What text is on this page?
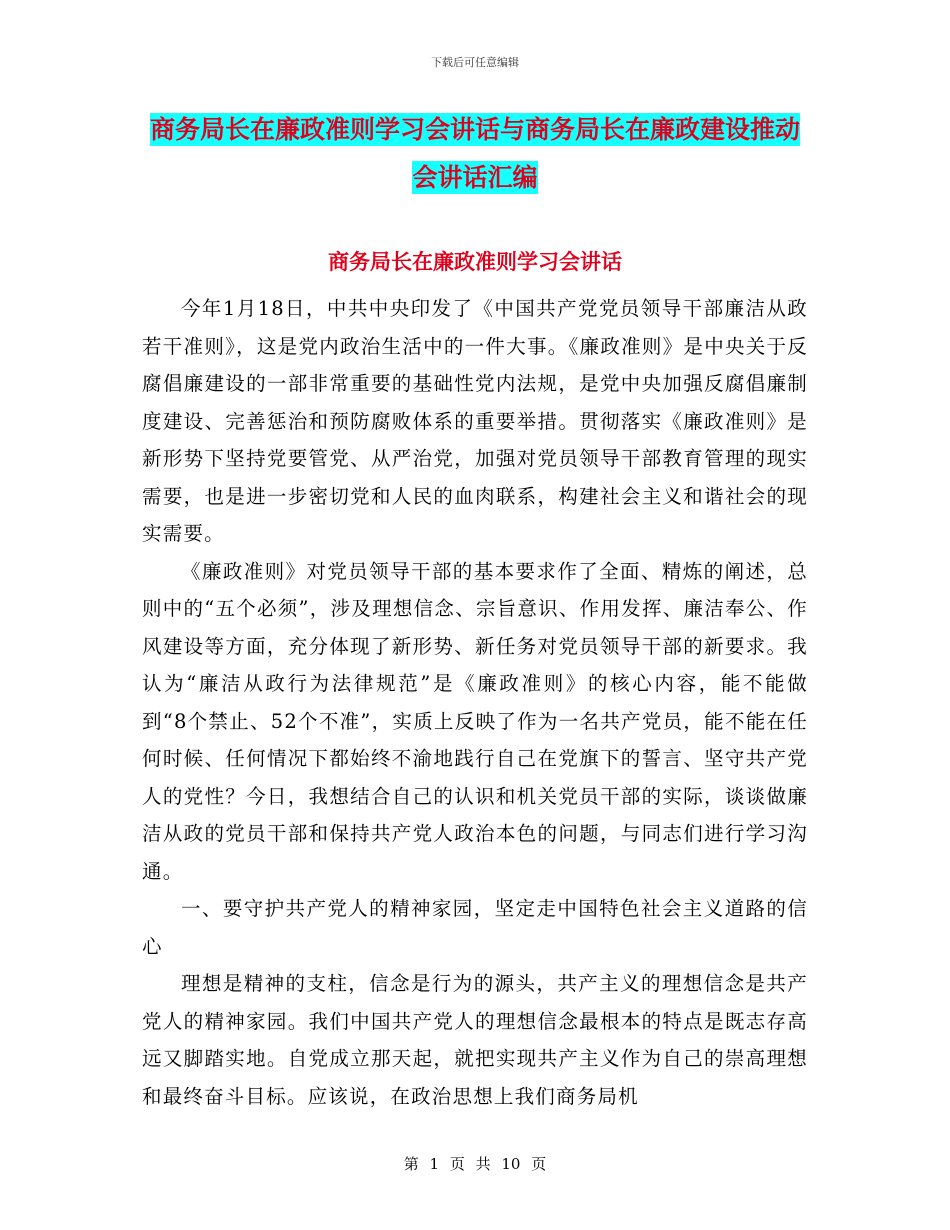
下载后可任意编辑
商务局长在廉政准则学习会讲话与商务局长在廉政建设推动会讲话汇编
商务局长在廉政准则学习会讲话

今年1月18日，中共中央印发了《中国共产党党员领导干部廉洁从政若干准则》，这是党内政治生活中的一件大事。《廉政准则》是中央关于反腐倡廉建设的一部非常重要的基础性党内法规，是党中央加强反腐倡廉制度建设、完善惩治和预防腐败体系的重要举措。贯彻落实《廉政准则》是新形势下坚持党要管党、从严治党，加强对党员领导干部教育管理的现实需要，也是进一步密切党和人民的血肉联系，构建社会主义和谐社会的现实需要。

《廉政准则》对党员领导干部的基本要求作了全面、精炼的阐述，总则中的“五个必须”，涉及理想信念、宗旨意识、作用发挥、廉洁奉公、作风建设等方面，充分体现了新形势、新任务对党员领导干部的新要求。我认为“廉洁从政行为法律规范”是《廉政准则》的核心内容，能不能做到“8个禁止、52个不准”，实质上反映了作为一名共产党员，能不能在任何时候、任何情况下都始终不渝地践行自己在党旗下的誓言、坚守共产党人的党性？今日，我想结合自己的认识和机关党员干部的实际，谈谈做廉洁从政的党员干部和保持共产党人政治本色的问题，与同志们进行学习沟通。

一、要守护共产党人的精神家园，坚定走中国特色社会主义道路的信心

理想是精神的支柱，信念是行为的源头，共产主义的理想信念是共产党人的精神家园。我们中国共产党人的理想信念最根本的特点是既志存高远又脚踏实地。自党成立那天起，就把实现共产主义作为自己的崇高理想和最终奋斗目标。应该说，在政治思想上我们商务局机

第 1 页 共 10 页
